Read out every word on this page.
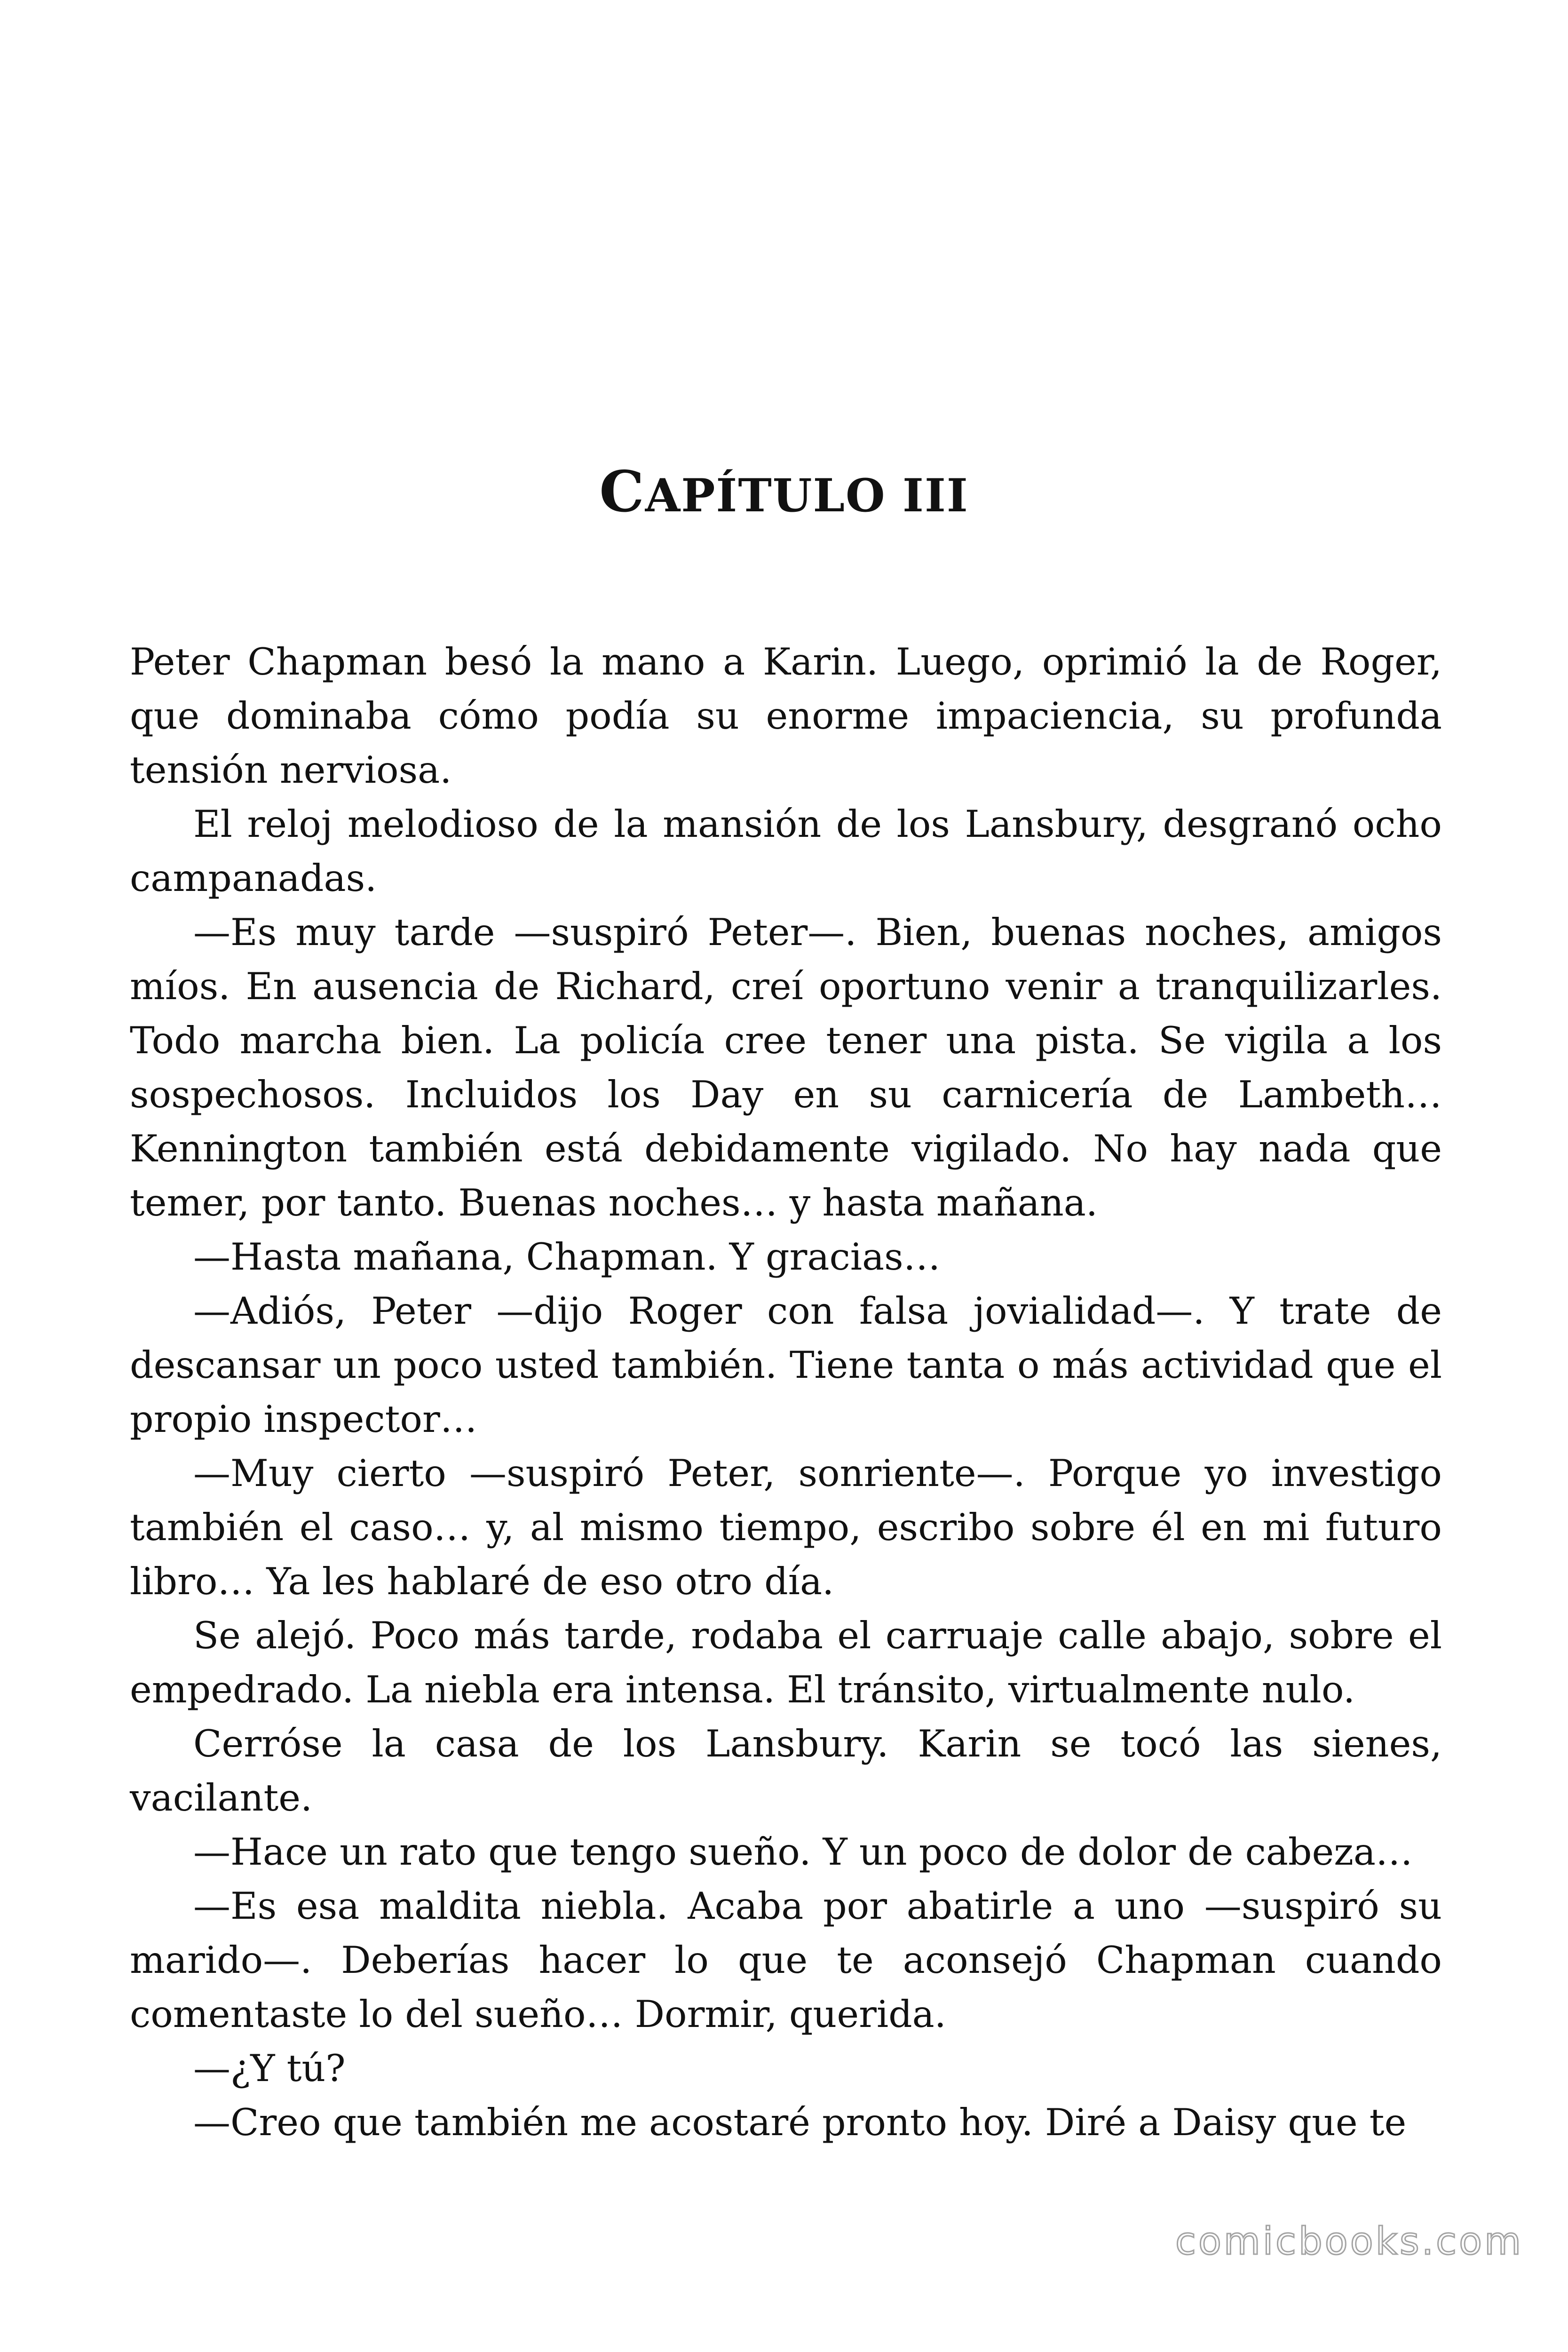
CAPÍTULO III

Peter Chapman besó la mano a Karin. Luego, oprimió la de Roger, que dominaba cómo podía su enorme impaciencia, su profunda tensión nerviosa.

El reloj melodioso de la mansión de los Lansbury, desgranó ocho campanadas.

—Es muy tarde —suspiró Peter—. Bien, buenas noches, amigos míos. En ausencia de Richard, creí oportuno venir a tranquilizarles. Todo marcha bien. La policía cree tener una pista. Se vigila a los sospechosos. Incluidos los Day en su carnicería de Lambeth… Kennington también está debidamente vigilado. No hay nada que temer, por tanto. Buenas noches… y hasta mañana.

—Hasta mañana, Chapman. Y gracias…

—Adiós, Peter —dijo Roger con falsa jovialidad—. Y trate de descansar un poco usted también. Tiene tanta o más actividad que el propio inspector…

—Muy cierto —suspiró Peter, sonriente—. Porque yo investigo también el caso… y, al mismo tiempo, escribo sobre él en mi futuro libro… Ya les hablaré de eso otro día.

Se alejó. Poco más tarde, rodaba el carruaje calle abajo, sobre el empedrado. La niebla era intensa. El tránsito, virtualmente nulo.

Cerróse la casa de los Lansbury. Karin se tocó las sienes, vacilante.

—Hace un rato que tengo sueño. Y un poco de dolor de cabeza…

—Es esa maldita niebla. Acaba por abatirle a uno —suspiró su marido—. Deberías hacer lo que te aconsejó Chapman cuando comentaste lo del sueño… Dormir, querida.

—¿Y tú?

—Creo que también me acostaré pronto hoy. Diré a Daisy que te

comicbooks.com
